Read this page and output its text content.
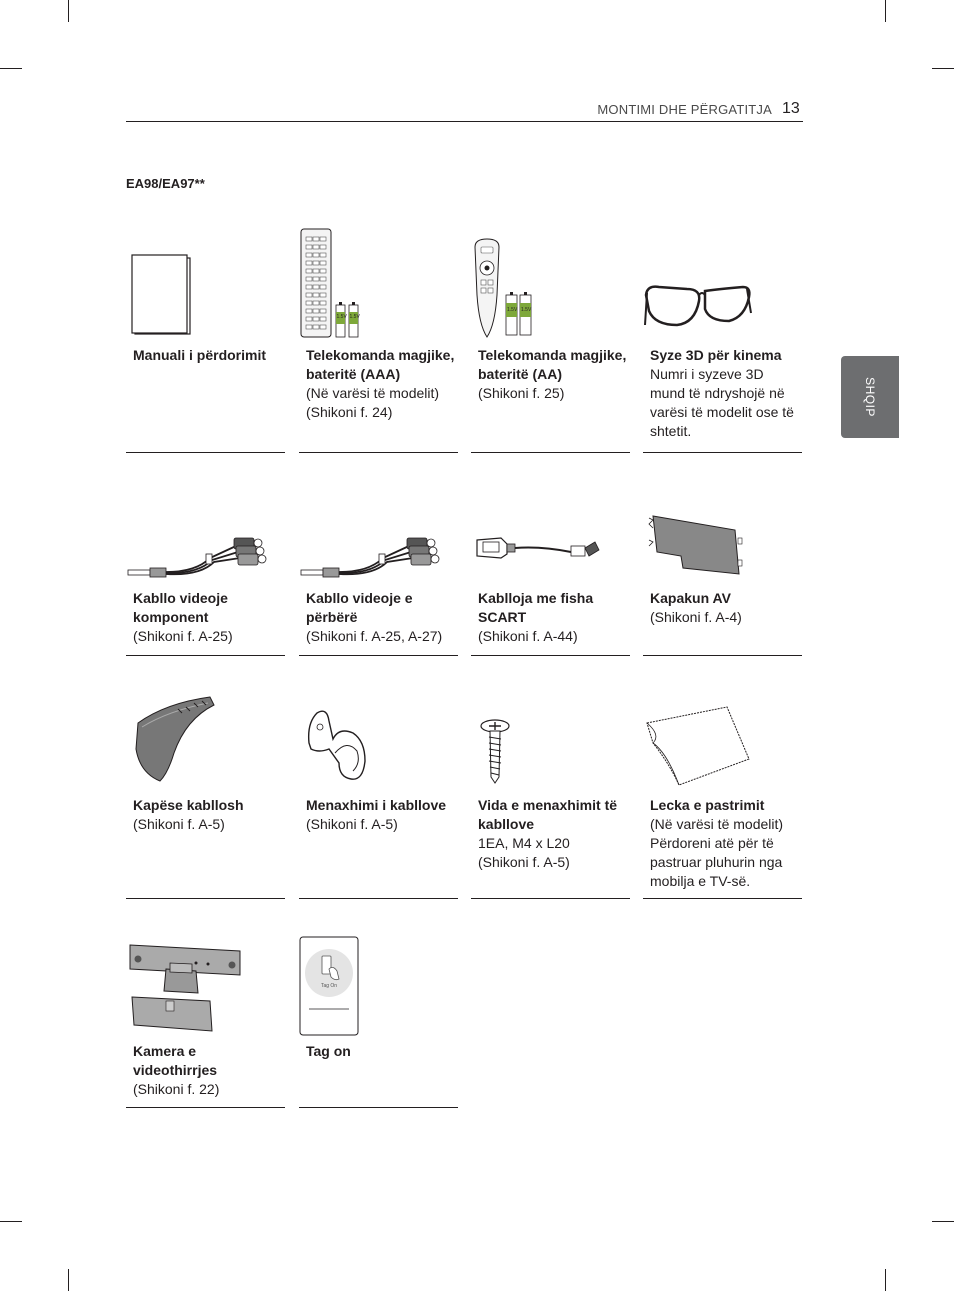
MONTIMI DHE PËRGATITJA 13
SHQIP
EA98/EA97**
Manuali i përdorimit
1.5V 1.5V
Telekomanda magjike, bateritë (AAA)
(Në varësi të modelit)
(Shikoni f. 24)
1.5V 1.5V
Telekomanda magjike, bateritë (AA)
(Shikoni f. 25)
Syze 3D për kinema
Numri i syzeve 3D mund të ndryshojë në varësi të modelit ose të shtetit.
Kabllo videoje komponent
(Shikoni f. A-25)
Kabllo videoje e përbërë
(Shikoni f. A-25, A-27)
Kablloja me fisha SCART
(Shikoni f. A-44)
Kapakun AV
(Shikoni f. A-4)
Kapëse kabllosh
(Shikoni f. A-5)
Menaxhimi i kabllove
(Shikoni f. A-5)
Vida e menaxhimit të kabllove
1EA, M4 x L20
(Shikoni f. A-5)
Lecka e pastrimit
(Në varësi të modelit)
Përdoreni atë për të pastruar pluhurin nga mobilja e TV-së.
Kamera e videothirrjes
(Shikoni f. 22)
Tag On
Tag on
